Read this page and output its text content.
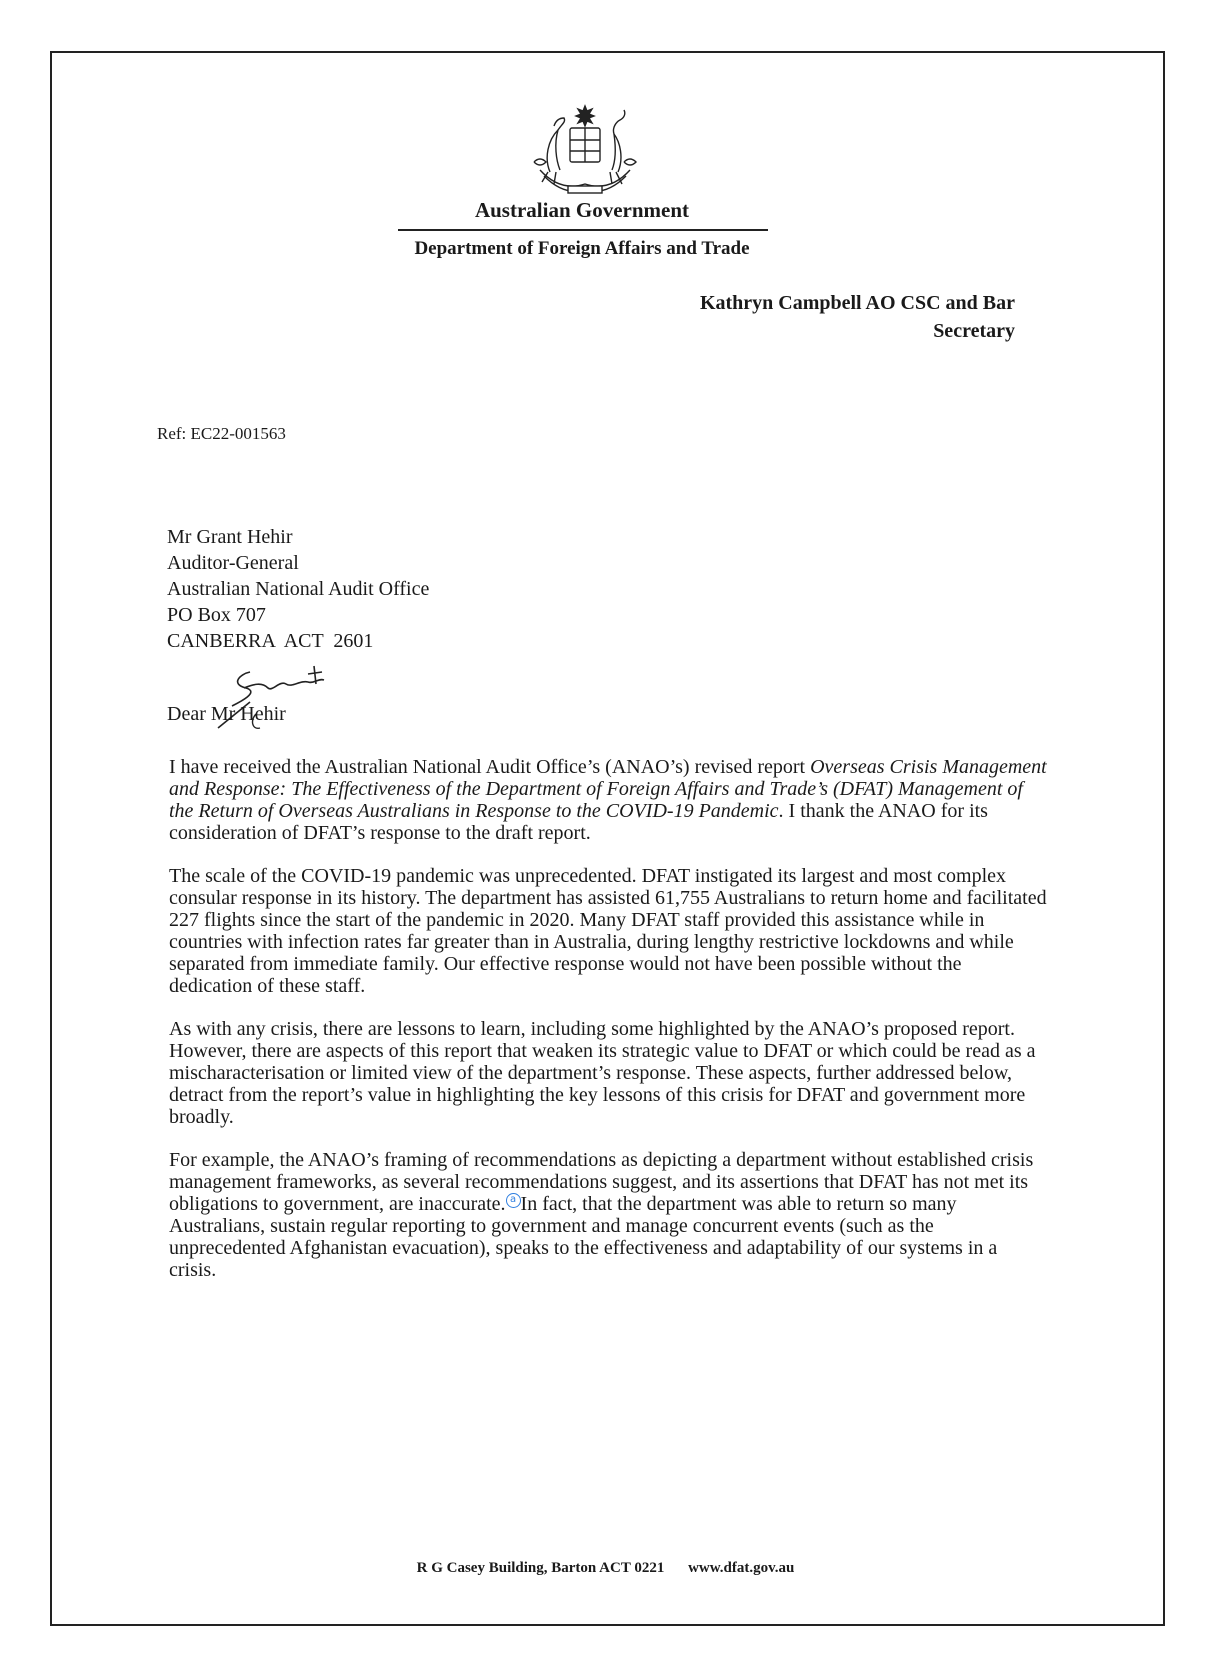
Australian Government
Department of Foreign Affairs and Trade
Kathryn Campbell AO CSC and Bar
Secretary
Ref: EC22-001563
Mr Grant Hehir
Auditor-General
Australian National Audit Office
PO Box 707
CANBERRA  ACT  2601
Dear Mr Hehir

I have received the Australian National Audit Office’s (ANAO’s) revised report Overseas Crisis Management and Response: The Effectiveness of the Department of Foreign Affairs and Trade’s (DFAT) Management of the Return of Overseas Australians in Response to the COVID-19 Pandemic. I thank the ANAO for its consideration of DFAT’s response to the draft report.

The scale of the COVID-19 pandemic was unprecedented. DFAT instigated its largest and most complex consular response in its history. The department has assisted 61,755 Australians to return home and facilitated 227 flights since the start of the pandemic in 2020. Many DFAT staff provided this assistance while in countries with infection rates far greater than in Australia, during lengthy restrictive lockdowns and while separated from immediate family. Our effective response would not have been possible without the dedication of these staff.

As with any crisis, there are lessons to learn, including some highlighted by the ANAO’s proposed report. However, there are aspects of this report that weaken its strategic value to DFAT or which could be read as a mischaracterisation or limited view of the department’s response. These aspects, further addressed below, detract from the report’s value in highlighting the key lessons of this crisis for DFAT and government more broadly.

For example, the ANAO’s framing of recommendations as depicting a department without established crisis management frameworks, as several recommendations suggest, and its assertions that DFAT has not met its obligations to government, are inaccurate. a In fact, that the department was able to return so many Australians, sustain regular reporting to government and manage concurrent events (such as the unprecedented Afghanistan evacuation), speaks to the effectiveness and adaptability of our systems in a crisis.

R G Casey Building, Barton ACT 0221 www.dfat.gov.au
